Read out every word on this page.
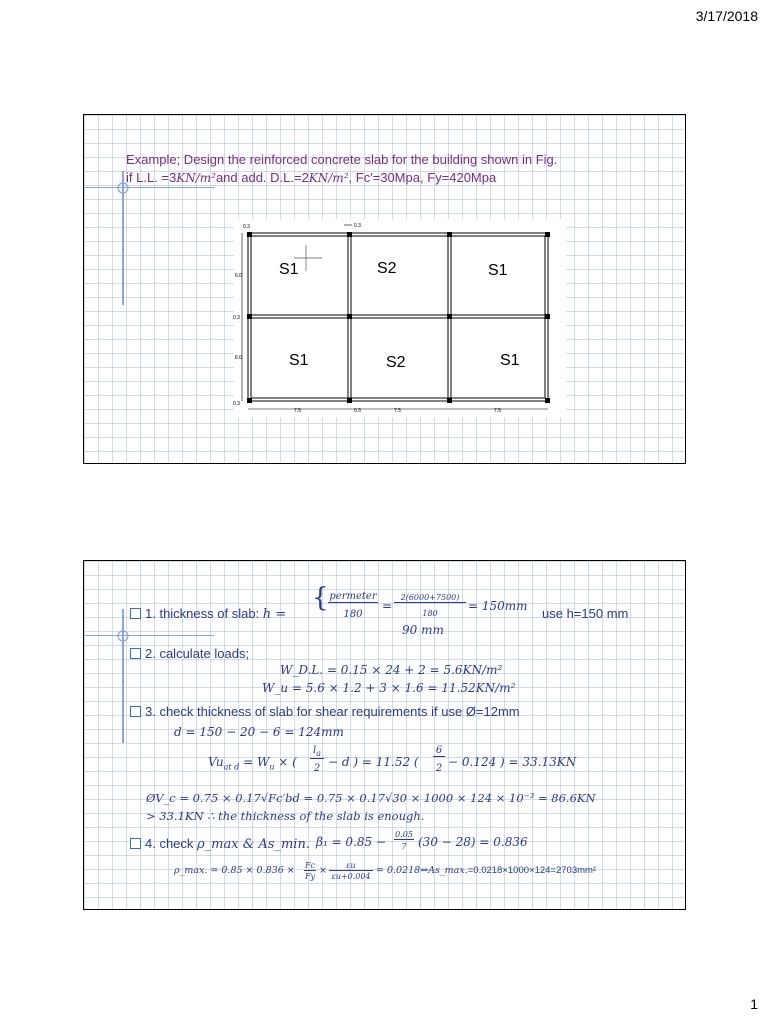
3/17/2018
Example; Design the reinforced concrete slab for the building shown in Fig.
if L.L. =3KN/m²and add. D.L.=2KN/m², Fc′=30Mpa, Fy=420Mpa
S1	S2	S1
S1	S2	S1
0.3	0.3
6.0
0.3
6.0
0.3
7.5	0.3	7.5	7.5
1. thickness of slab: h =
{ permeter
180
=
2(6000+7500)
180
= 150mm use h=150 mm
90 mm
2. calculate loads;
W_D.L. = 0.15 × 24 + 2 = 5.6KN/m²
W_u = 5.6 × 1.2 + 3 × 1.6 = 11.52KN/m²
3. check thickness of slab for shear requirements if use Ø=12mm
d = 150 − 20 − 6 = 124mm
$Vu_{at d} = W_u$ × (
$l_a$
2 − d ) = 11.52 (
6
2 − 0.124 ) = 33.13KN
ØV_c = 0.75 × 0.17√Fc′bd = 0.75 × 0.17√30 × 1000 × 124 × 10⁻³ = 86.6KN
> 33.1KN ∴ the thickness of the slab is enough.
4. check ρ_max & As_min. β₁ = 0.85 −
0.05
7 (30 − 28) = 0.836
ρ_max. = 0.85 × 0.836 × Fc
Fy
×	εu
εu+0.004
= 0.0218⇔As_max.=0.0218×1000×124=2703mm²
1
